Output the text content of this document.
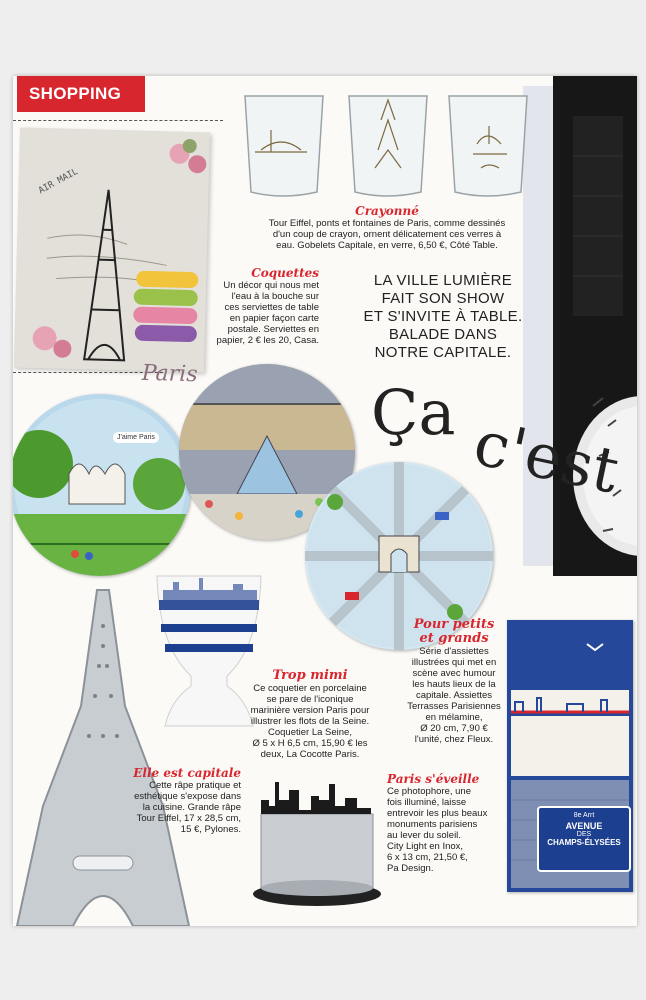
SHOPPING
AIR MAIL
Paris
Crayonné
Tour Eiffel, ponts et fontaines de Paris, comme dessinés
d'un coup de crayon, ornent délicatement ces verres à
eau. Gobelets Capitale, en verre, 6,50 €, Côté Table.
Coquettes
Un décor qui nous met
l'eau à la bouche sur
ces serviettes de table
en papier façon carte
postale. Serviettes en
papier, 2 € les 20, Casa.
LA VILLE LUMIÈRE
FAIT SON SHOW
ET S'INVITE À TABLE.
BALADE DANS
NOTRE CAPITALE.
Ça c'est
J'aime Paris
Trop mimi
Ce coquetier en porcelaine
se pare de l'iconique
marinière version Paris pour
illustrer les flots de la Seine.
Coquetier La Seine,
Ø 5 x H 6,5 cm, 15,90 € les
deux, La Cocotte Paris.
Pour petits
et grands
Série d'assiettes
illustrées qui met en
scène avec humour
les hauts lieux de la
capitale. Assiettes
Terrasses Parisiennes
en mélamine,
Ø 20 cm, 7,90 €
l'unité, chez Fleux.
8e Arrt
AVENUE
DES
CHAMPS-ÉLYSÉES
Elle est capitale
Cette râpe pratique et
esthétique s'expose dans
la cuisine. Grande râpe
Tour Eiffel, 17 x 28,5 cm,
15 €, Pylones.
Paris s'éveille
Ce photophore, une
fois illuminé, laisse
entrevoir les plus beaux
monuments parisiens
au lever du soleil.
City Light en Inox,
6 x 13 cm, 21,50 €,
Pa Design.
